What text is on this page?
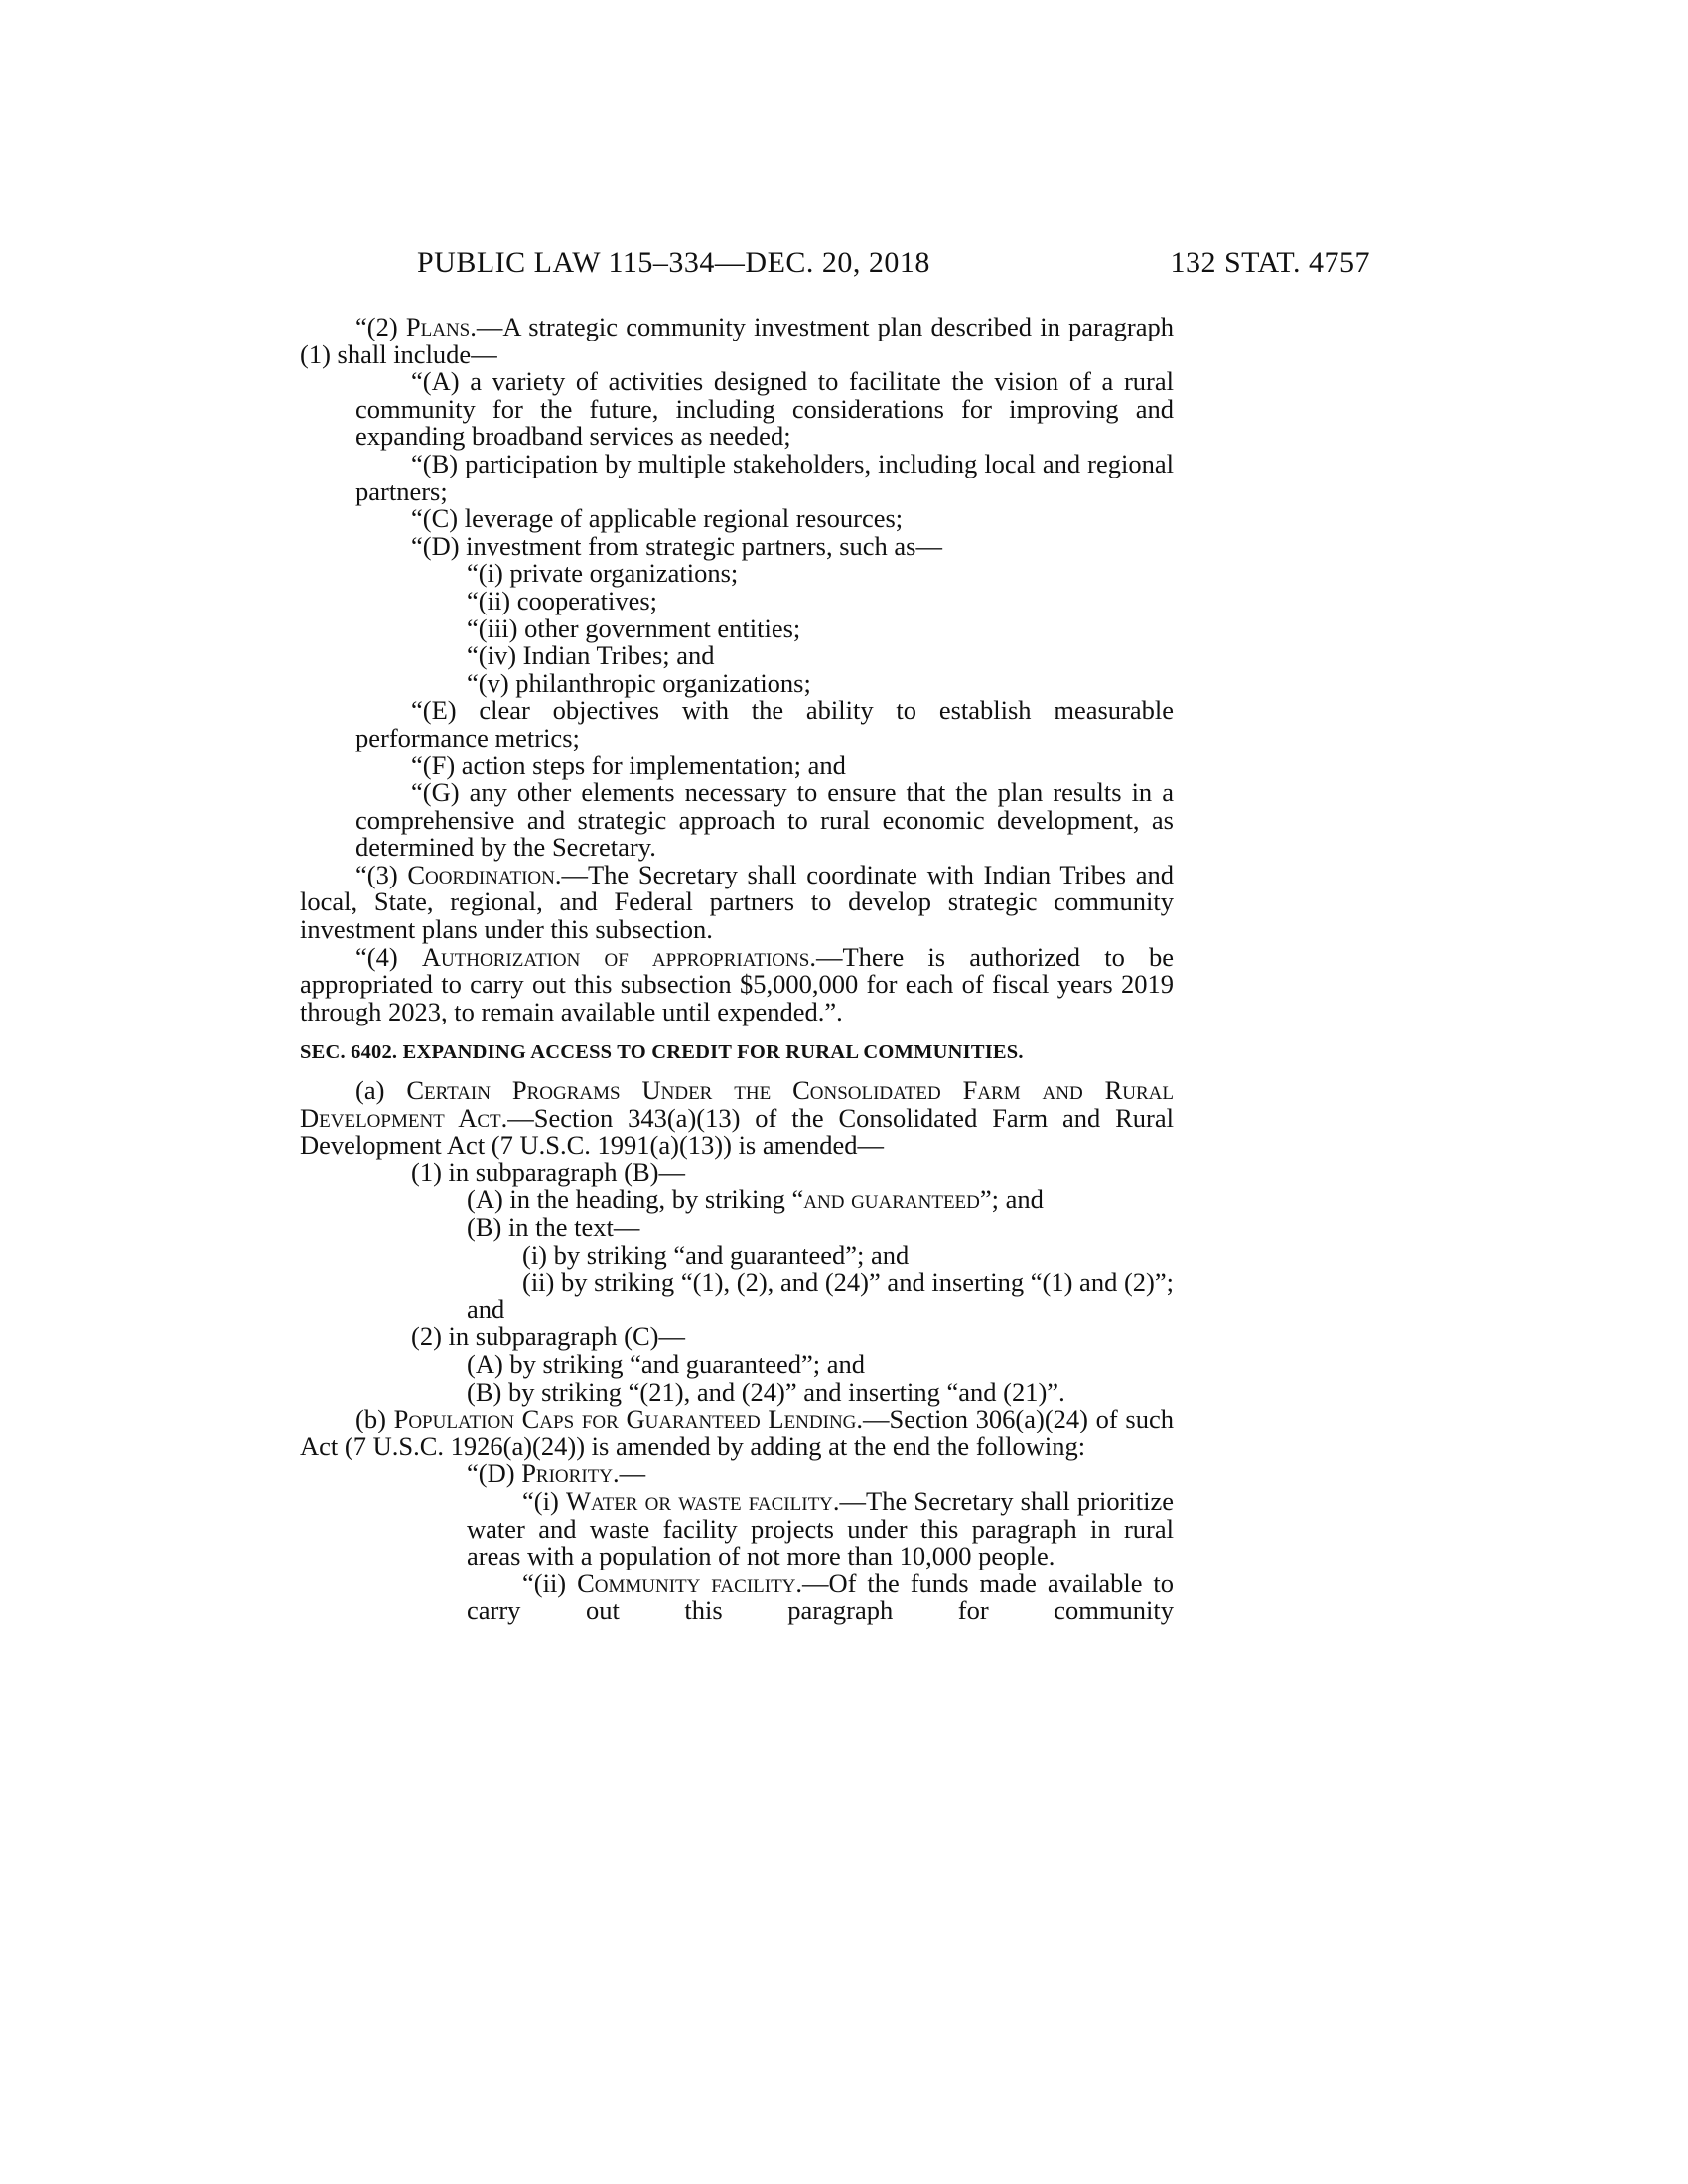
PUBLIC LAW 115–334—DEC. 20, 2018	132 STAT. 4757

“(2) Plans.—A strategic community investment plan described in paragraph (1) shall include—

“(A) a variety of activities designed to facilitate the vision of a rural community for the future, including considerations for improving and expanding broadband services as needed;

“(B) participation by multiple stakeholders, including local and regional partners;

“(C) leverage of applicable regional resources;

“(D) investment from strategic partners, such as—

“(i) private organizations;

“(ii) cooperatives;

“(iii) other government entities;

“(iv) Indian Tribes; and

“(v) philanthropic organizations;

“(E) clear objectives with the ability to establish measurable performance metrics;

“(F) action steps for implementation; and

“(G) any other elements necessary to ensure that the plan results in a comprehensive and strategic approach to rural economic development, as determined by the Secretary.

“(3) Coordination.—The Secretary shall coordinate with Indian Tribes and local, State, regional, and Federal partners to develop strategic community investment plans under this subsection.

“(4) Authorization of appropriations.—There is authorized to be appropriated to carry out this subsection $5,000,000 for each of fiscal years 2019 through 2023, to remain available until expended.”.

SEC. 6402. EXPANDING ACCESS TO CREDIT FOR RURAL COMMUNITIES.

(a) Certain Programs Under the Consolidated Farm and Rural Development Act.—Section 343(a)(13) of the Consolidated Farm and Rural Development Act (7 U.S.C. 1991(a)(13)) is amended—

(1) in subparagraph (B)—

(A) in the heading, by striking “and guaranteed”; and

(B) in the text—

(i) by striking “and guaranteed”; and

(ii) by striking “(1), (2), and (24)” and inserting “(1) and (2)”; and

(2) in subparagraph (C)—

(A) by striking “and guaranteed”; and

(B) by striking “(21), and (24)” and inserting “and (21)”.

(b) Population Caps for Guaranteed Lending.—Section 306(a)(24) of such Act (7 U.S.C. 1926(a)(24)) is amended by adding at the end the following:

“(D) Priority.—

“(i) Water or waste facility.—The Secretary shall prioritize water and waste facility projects under this paragraph in rural areas with a population of not more than 10,000 people.

“(ii) Community facility.—Of the funds made available to carry out this paragraph for community
